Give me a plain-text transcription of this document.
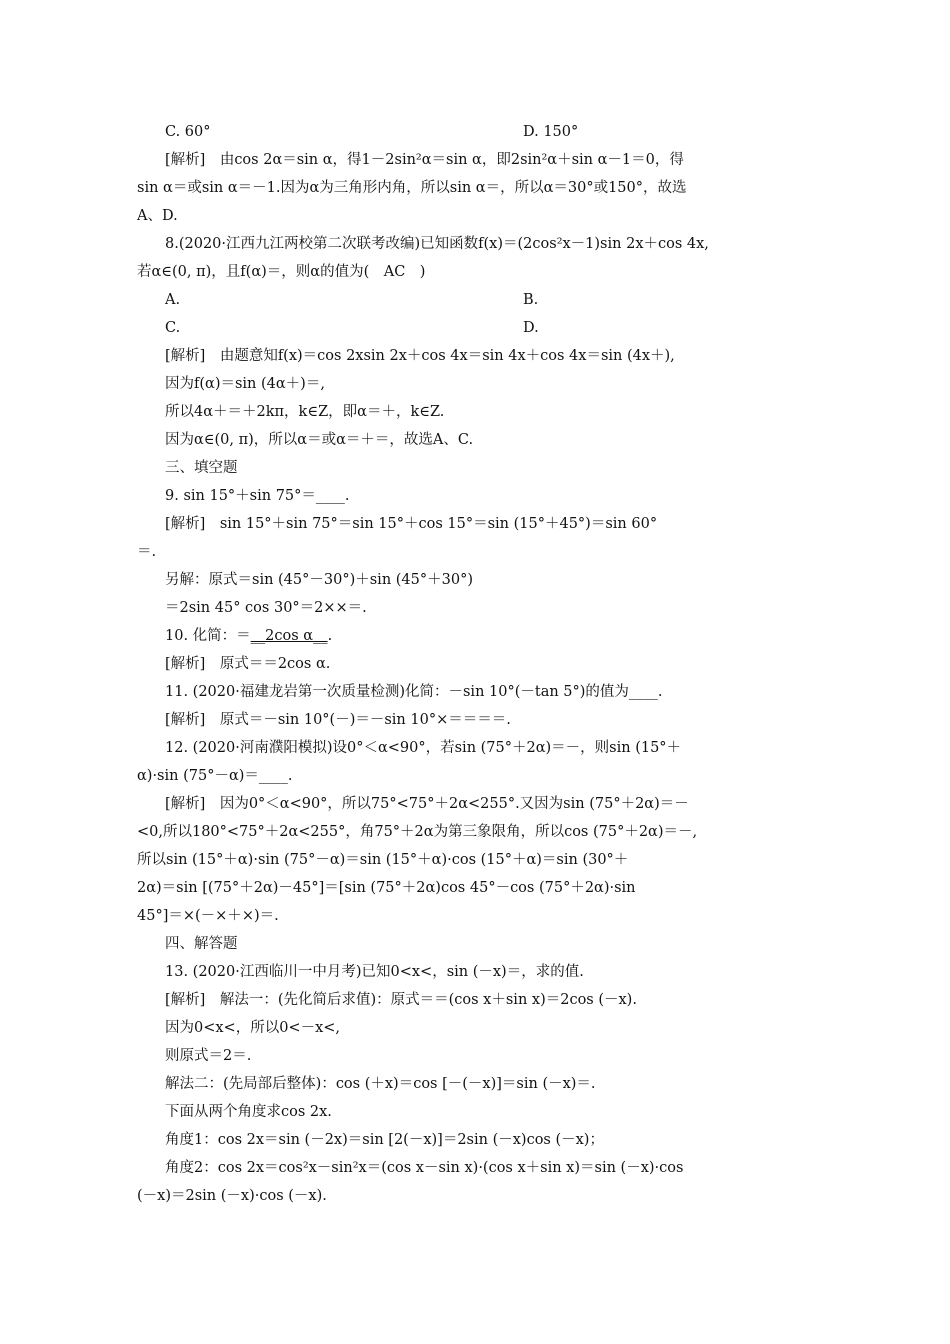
C. 60°	D. 150°
[解析]　由cos 2α＝sin α，得1－2sin²α＝sin α，即2sin²α＋sin α－1＝0，得
sin α＝或sin α＝－1.因为α为三角形内角，所以sin α＝，所以α＝30°或150°，故选
A、D.
8.(2020·江西九江两校第二次联考改编)已知函数f(x)＝(2cos²x－1)sin 2x＋cos 4x,
若α∈(0, π)，且f(α)＝，则α的值为(　AC　)
A.	B.
C.	D.
[解析]　由题意知f(x)＝cos 2xsin 2x＋cos 4x＝sin 4x＋cos 4x＝sin (4x＋),
因为f(α)＝sin (4α＋)＝,
所以4α＋＝＋2kπ，k∈Z，即α＝＋，k∈Z.
因为α∈(0, π)，所以α＝或α＝＋＝，故选A、C.
三、填空题
9. sin 15°＋sin 75°＝____.
[解析]　sin 15°＋sin 75°＝sin 15°＋cos 15°＝sin (15°＋45°)＝sin 60°
＝.
另解：原式＝sin (45°－30°)＋sin (45°＋30°)
＝2sin 45° cos 30°＝2××＝.
10. 化简：＝__2cos α__.
[解析]　原式＝＝2cos α.
11. (2020·福建龙岩第一次质量检测)化简：－sin 10°(－tan 5°)的值为____.
[解析]　原式＝－sin 10°(－)＝－sin 10°×＝＝＝＝.
12. (2020·河南濮阳模拟)设0°＜α<90°，若sin (75°＋2α)＝－，则sin (15°＋
α)·sin (75°－α)＝____.
[解析]　因为0°＜α<90°，所以75°<75°＋2α<255°.又因为sin (75°＋2α)＝－
<0,所以180°<75°＋2α<255°，角75°＋2α为第三象限角，所以cos (75°＋2α)＝－,
所以sin (15°＋α)·sin (75°－α)＝sin (15°＋α)·cos (15°＋α)＝sin (30°＋
2α)＝sin [(75°＋2α)－45°]＝[sin (75°＋2α)cos 45°－cos (75°＋2α)·sin
45°]＝×(－×＋×)＝.
四、解答题
13. (2020·江西临川一中月考)已知0<x<，sin (－x)＝，求的值.
[解析]　解法一：(先化简后求值)：原式＝＝(cos x＋sin x)＝2cos (－x).
因为0<x<，所以0<－x<,
则原式＝2＝.
解法二：(先局部后整体)：cos (＋x)＝cos [－(－x)]＝sin (－x)＝.
下面从两个角度求cos 2x.
角度1：cos 2x＝sin (－2x)＝sin [2(－x)]＝2sin (－x)cos (－x)；
角度2：cos 2x＝cos²x－sin²x＝(cos x－sin x)·(cos x＋sin x)＝sin (－x)·cos
(－x)＝2sin (－x)·cos (－x).
